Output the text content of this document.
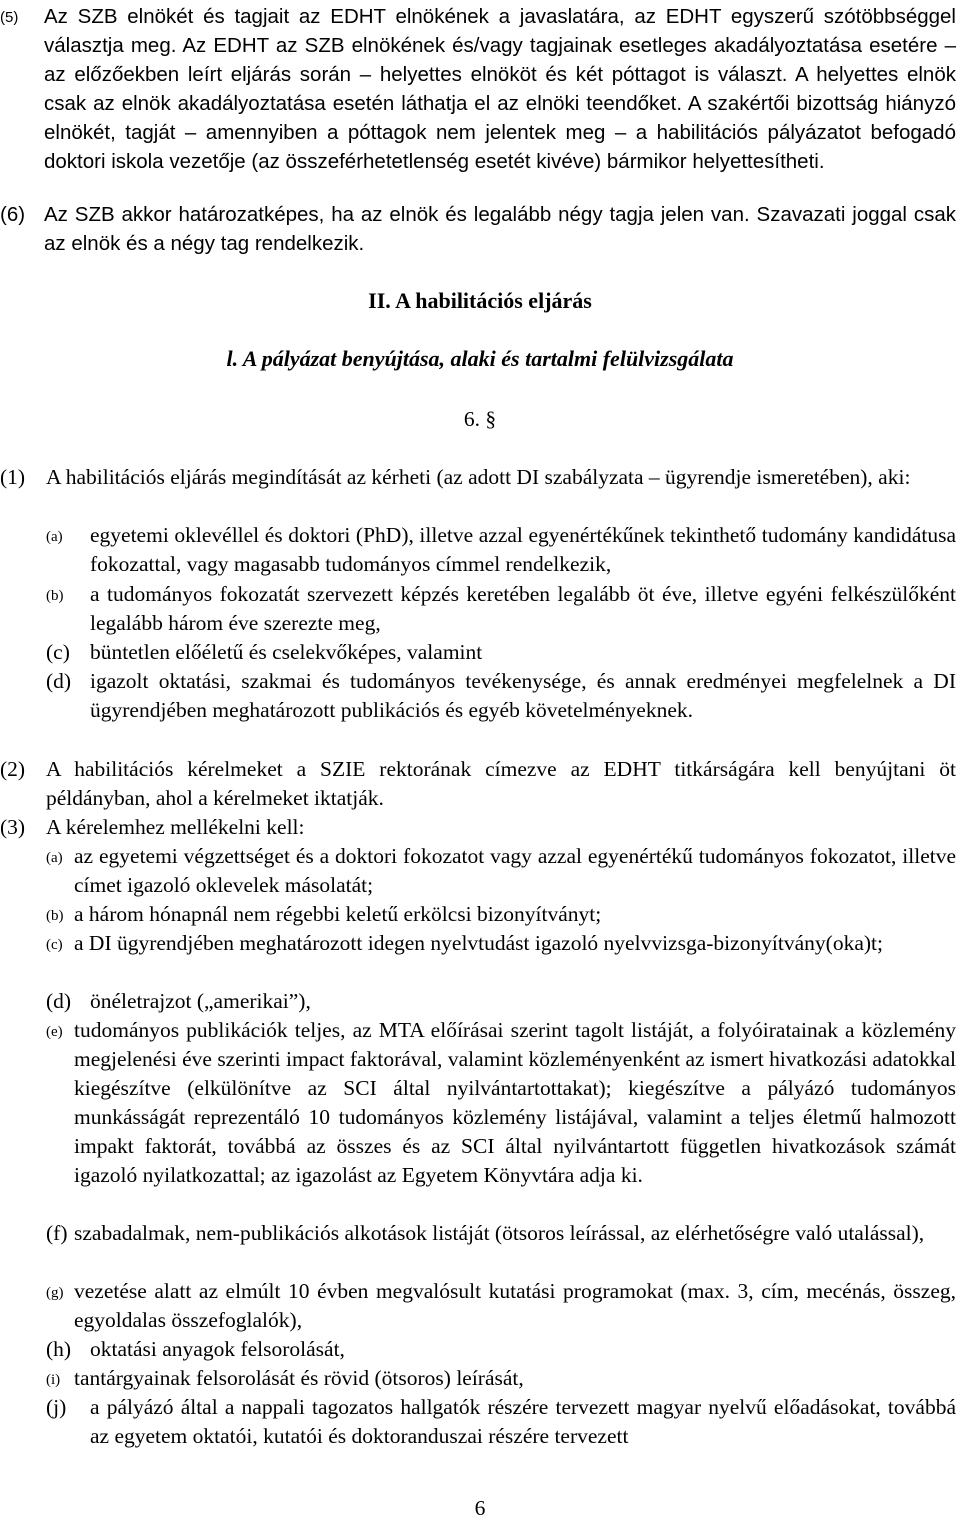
(5) Az SZB elnökét és tagjait az EDHT elnökének a javaslatára, az EDHT egyszerű szótöbbséggel választja meg. Az EDHT az SZB elnökének és/vagy tagjainak esetleges akadályoztatása esetére – az előzőekben leírt eljárás során – helyettes elnököt és két póttagot is választ. A helyettes elnök csak az elnök akadályoztatása esetén láthatja el az elnöki teendőket. A szakértői bizottság hiányzó elnökét, tagját – amennyiben a póttagok nem jelentek meg – a habilitációs pályázatot befogadó doktori iskola vezetője (az összeférhetetlenség esetét kivéve) bármikor helyettesítheti.
(6) Az SZB akkor határozatképes, ha az elnök és legalább négy tagja jelen van. Szavazati joggal csak az elnök és a négy tag rendelkezik.
II. A habilitációs eljárás
l. A pályázat benyújtása, alaki és tartalmi felülvizsgálata
6. §
(1) A habilitációs eljárás megindítását az kérheti (az adott DI szabályzata – ügyrendje ismeretében), aki:
(a) egyetemi oklevéllel és doktori (PhD), illetve azzal egyenértékűnek tekinthető tudomány kandidátusa fokozattal, vagy magasabb tudományos címmel rendelkezik,
(b) a tudományos fokozatát szervezett képzés keretében legalább öt éve, illetve egyéni felkészülőként legalább három éve szerezte meg,
(c) büntetlen előéletű és cselekvőképes, valamint
(d) igazolt oktatási, szakmai és tudományos tevékenysége, és annak eredményei megfelelnek a DI ügyrendjében meghatározott publikációs és egyéb követelményeknek.
(2) A habilitációs kérelmeket a SZIE rektorának címezve az EDHT titkárságára kell benyújtani öt példányban, ahol a kérelmeket iktatják.
(3) A kérelemhez mellékelni kell:
(a) az egyetemi végzettséget és a doktori fokozatot vagy azzal egyenértékű tudományos fokozatot, illetve címet igazoló oklevelek másolatát;
(b) a három hónapnál nem régebbi keletű erkölcsi bizonyítványt;
(c) a DI ügyrendjében meghatározott idegen nyelvtudást igazoló nyelvvizsga-bizonyítvány(oka)t;
(d) önéletrajzot („amerikai”),
(e) tudományos publikációk teljes, az MTA előírásai szerint tagolt listáját, a folyóiratainak a közlemény megjelenési éve szerinti impact faktorával, valamint közleményenként az ismert hivatkozási adatokkal kiegészítve (elkülönítve az SCI által nyilvántartottakat); kiegészítve a pályázó tudományos munkásságát reprezentáló 10 tudományos közlemény listájával, valamint a teljes életmű halmozott impakt faktorát, továbbá az összes és az SCI által nyilvántartott független hivatkozások számát igazoló nyilatkozattal; az igazolást az Egyetem Könyvtára adja ki.
(f) szabadalmak, nem-publikációs alkotások listáját (ötsoros leírással, az elérhetőségre való utalással),
(g) vezetése alatt az elmúlt 10 évben megvalósult kutatási programokat (max. 3, cím, mecénás, összeg, egyoldalas összefoglalók),
(h) oktatási anyagok felsorolását,
(i) tantárgyainak felsorolását és rövid (ötsoros) leírását,
(j) a pályázó által a nappali tagozatos hallgatók részére tervezett magyar nyelvű előadásokat, továbbá az egyetem oktatói, kutatói és doktoranduszai részére tervezett
6
